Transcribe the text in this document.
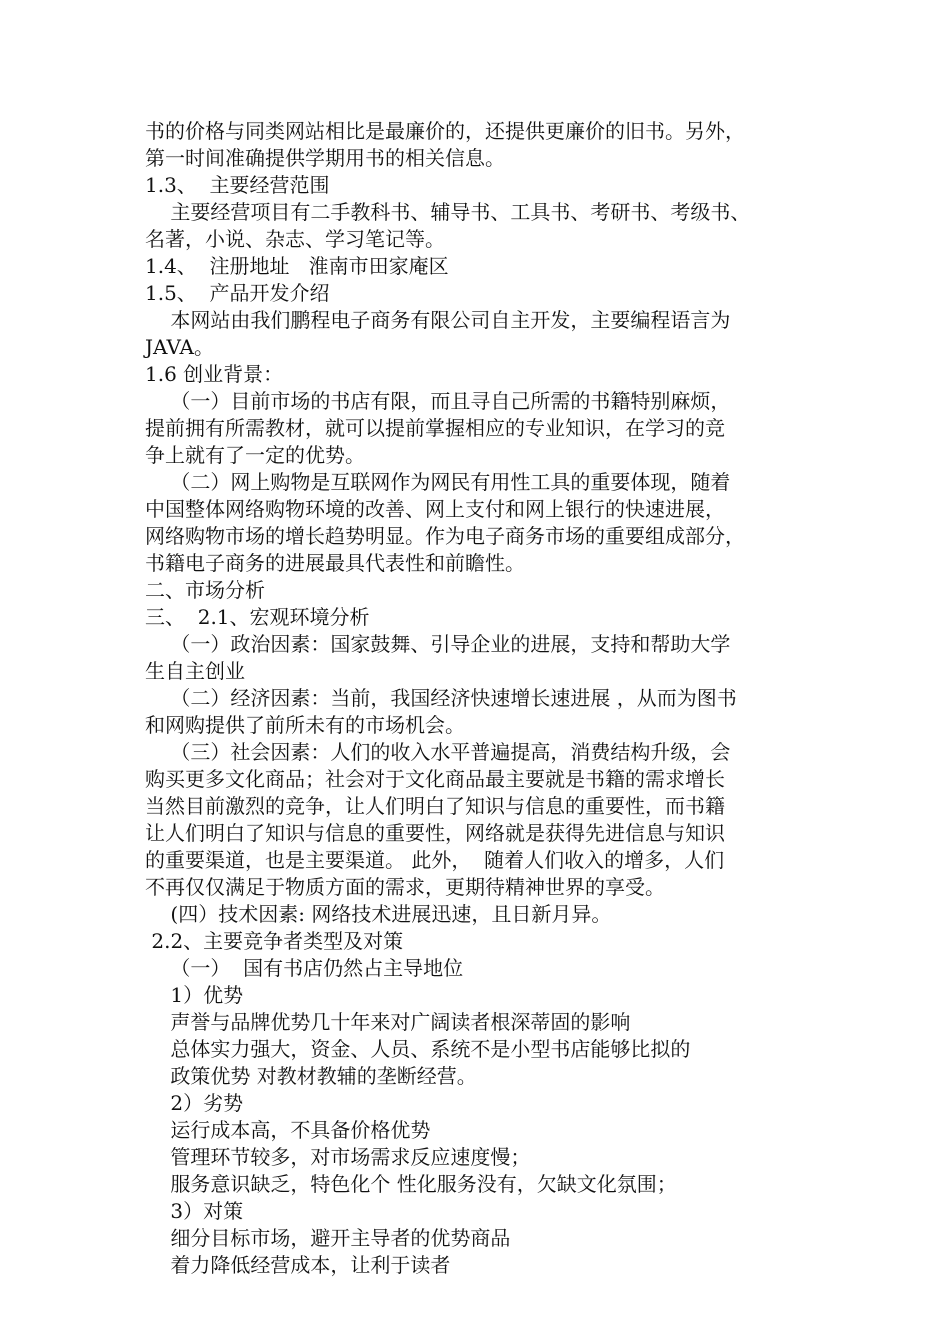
书的价格与同类网站相比是最廉价的，还提供更廉价的旧书。另外，
第一时间准确提供学期用书的相关信息。
1.3、  主要经营范围
主要经营项目有二手教科书、辅导书、工具书、考研书、考级书、
名著，小说、杂志、学习笔记等。
1.4、  注册地址   淮南市田家庵区
1.5、  产品开发介绍
本网站由我们鹏程电子商务有限公司自主开发，主要编程语言为
JAVA。
1.6 创业背景：
（一）目前市场的书店有限，而且寻自己所需的书籍特别麻烦，
提前拥有所需教材，就可以提前掌握相应的专业知识，在学习的竞
争上就有了一定的优势。
（二）网上购物是互联网作为网民有用性工具的重要体现，随着
中国整体网络购物环境的改善、网上支付和网上银行的快速进展，
网络购物市场的增长趋势明显。作为电子商务市场的重要组成部分，
书籍电子商务的进展最具代表性和前瞻性。
二、市场分析
三、  2.1、宏观环境分析
（一）政治因素：国家鼓舞、引导企业的进展，支持和帮助大学
生自主创业
（二）经济因素：当前，我国经济快速增长速进展 ，从而为图书
和网购提供了前所未有的市场机会。
（三）社会因素：人们的收入水平普遍提高，消费结构升级，会
购买更多文化商品；社会对于文化商品最主要就是书籍的需求增长
当然目前激烈的竞争，让人们明白了知识与信息的重要性，而书籍
让人们明白了知识与信息的重要性，网络就是获得先进信息与知识
的重要渠道，也是主要渠道。 此外，  随着人们收入的增多，人们
不再仅仅满足于物质方面的需求，更期待精神世界的享受。
(四）技术因素: 网络技术进展迅速，且日新月异。
2.2、主要竞争者类型及对策
（一）  国有书店仍然占主导地位
1）优势
声誉与品牌优势几十年来对广阔读者根深蒂固的影响
总体实力强大，资金、人员、系统不是小型书店能够比拟的
政策优势 对教材教辅的垄断经营。
2）劣势
运行成本高，不具备价格优势
管理环节较多，对市场需求反应速度慢；
服务意识缺乏，特色化个 性化服务没有，欠缺文化氛围；
3）对策
细分目标市场，避开主导者的优势商品
着力降低经营成本，让利于读者
